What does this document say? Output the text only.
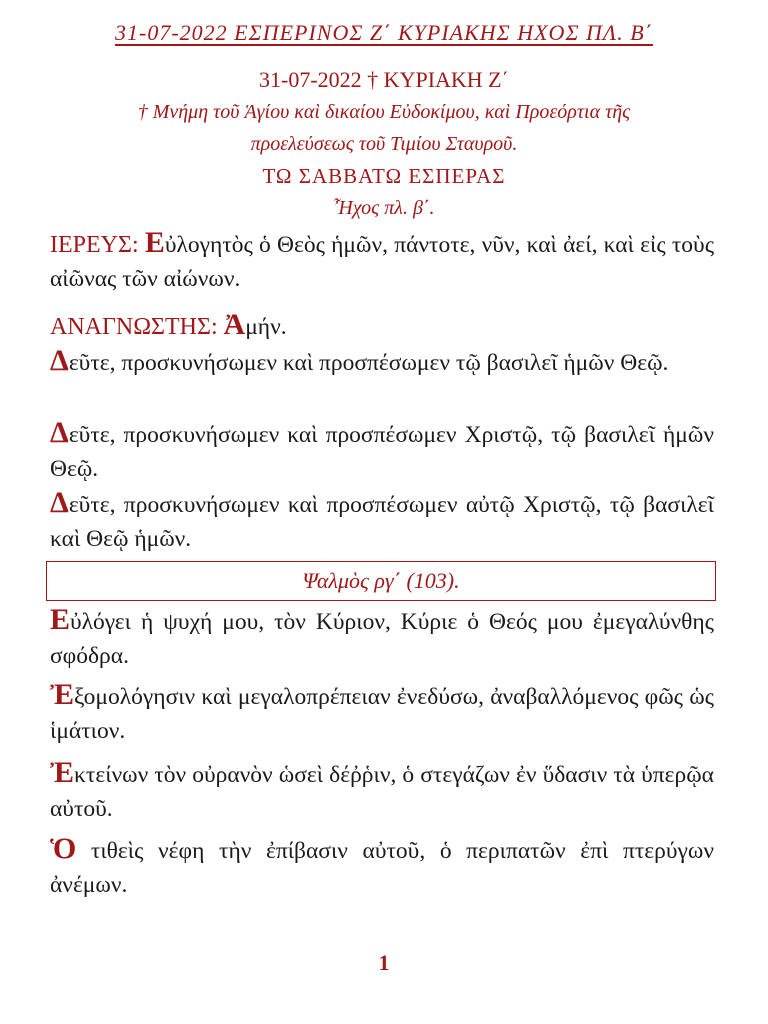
31-07-2022 ΕΣΠΕΡΙΝΟΣ Ζ΄ ΚΥΡΙΑΚΗΣ ΗΧΟΣ ΠΛ. Β΄
31-07-2022 † ΚΥΡΙΑΚΗ Ζ΄
† Μνήμη τοῦ Ἁγίου καὶ δικαίου Εὐδοκίμου, καὶ Προεόρτια τῆς
προελεύσεως τοῦ Τιμίου Σταυροῦ.
ΤΩ ΣΑΒΒΑΤΩ ΕΣΠΕΡΑΣ
Ἦχος πλ. β΄.
ΙΕΡΕΥΣ: Εὐλογητὸς ὁ Θεὸς ἡμῶν, πάντοτε, νῦν, καὶ ἀεί, καὶ εἰς τοὺς αἰῶνας τῶν αἰώνων.
ΑΝΑΓΝΩΣΤΗΣ: Ἀμήν.
Δεῦτε, προσκυνήσωμεν καὶ προσπέσωμεν τῷ βασιλεῖ ἡμῶν Θεῷ.
Δεῦτε, προσκυνήσωμεν καὶ προσπέσωμεν Χριστῷ, τῷ βασιλεῖ ἡμῶν Θεῷ.
Δεῦτε, προσκυνήσωμεν καὶ προσπέσωμεν αὐτῷ Χριστῷ, τῷ βασιλεῖ καὶ Θεῷ ἡμῶν.
Ψαλμὸς ργ΄ (103).
Εὐλόγει ἡ ψυχή μου, τὸν Κύριον, Κύριε ὁ Θεός μου ἐμεγαλύνθης σφόδρα.
Ἐξομολόγησιν καὶ μεγαλοπρέπειαν ἐνεδύσω, ἀναβαλλόμενος φῶς ὡς ἱμάτιον.
Ἐκτείνων τὸν οὐρανὸν ὡσεὶ δέῤῥιν, ὁ στεγάζων ἐν ὕδασιν τὰ ὑπερῷα αὐτοῦ.
Ὁ τιθεὶς νέφη τὴν ἐπίβασιν αὐτοῦ, ὁ περιπατῶν ἐπὶ πτερύγων ἀνέμων.
1
